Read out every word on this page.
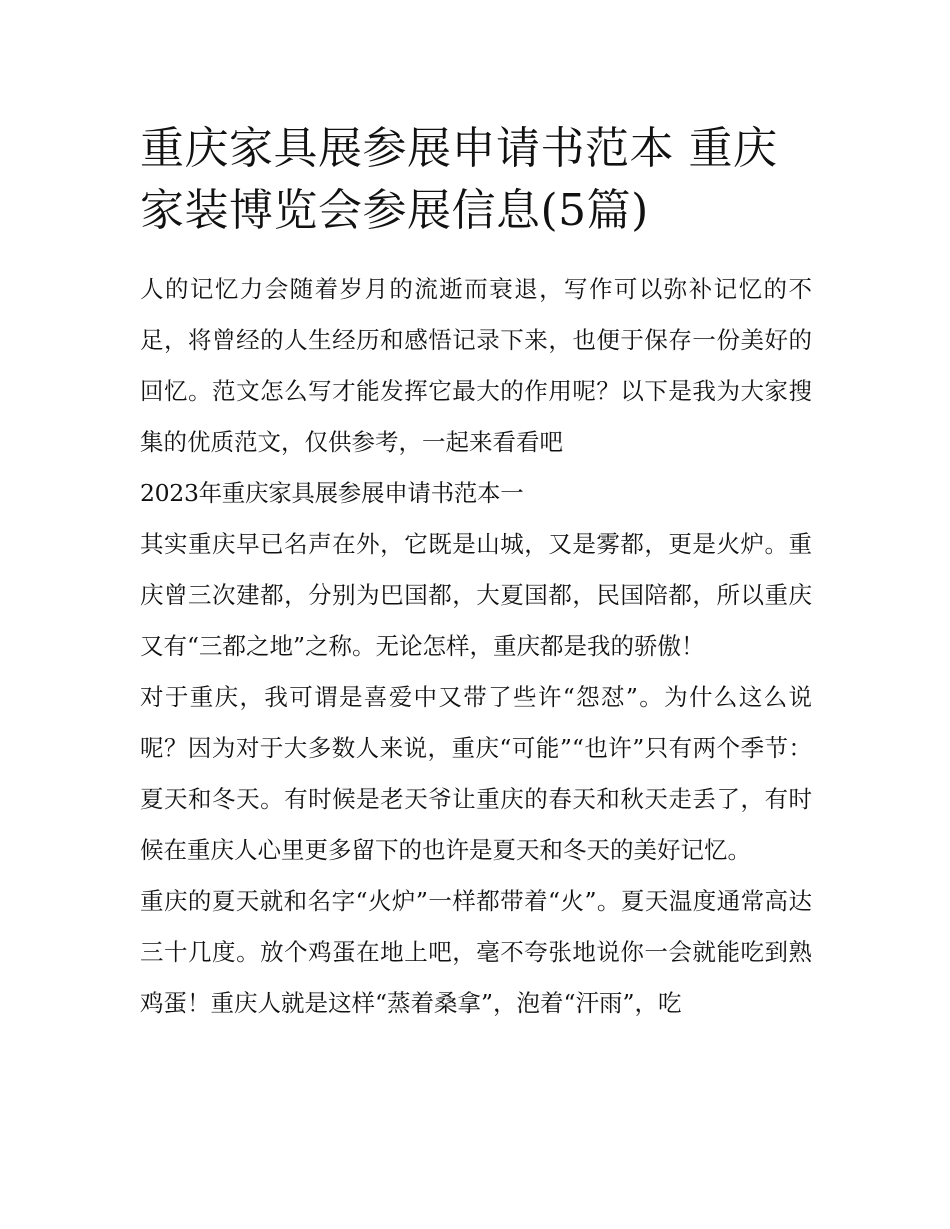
重庆家具展参展申请书范本 重庆家装博览会参展信息(5篇)

人的记忆力会随着岁月的流逝而衰退，写作可以弥补记忆的不足，将曾经的人生经历和感悟记录下来，也便于保存一份美好的回忆。范文怎么写才能发挥它最大的作用呢？以下是我为大家搜集的优质范文，仅供参考，一起来看看吧

2023年重庆家具展参展申请书范本一

其实重庆早已名声在外，它既是山城，又是雾都，更是火炉。重庆曾三次建都，分别为巴国都，大夏国都，民国陪都，所以重庆又有“三都之地”之称。无论怎样，重庆都是我的骄傲！

对于重庆，我可谓是喜爱中又带了些许“怨怼”。为什么这么说呢？因为对于大多数人来说，重庆“可能”“也许”只有两个季节：夏天和冬天。有时候是老天爷让重庆的春天和秋天走丢了，有时候在重庆人心里更多留下的也许是夏天和冬天的美好记忆。

重庆的夏天就和名字“火炉”一样都带着“火”。夏天温度通常高达三十几度。放个鸡蛋在地上吧，毫不夸张地说你一会就能吃到熟鸡蛋！重庆人就是这样“蒸着桑拿”，泡着“汗雨”，吃
